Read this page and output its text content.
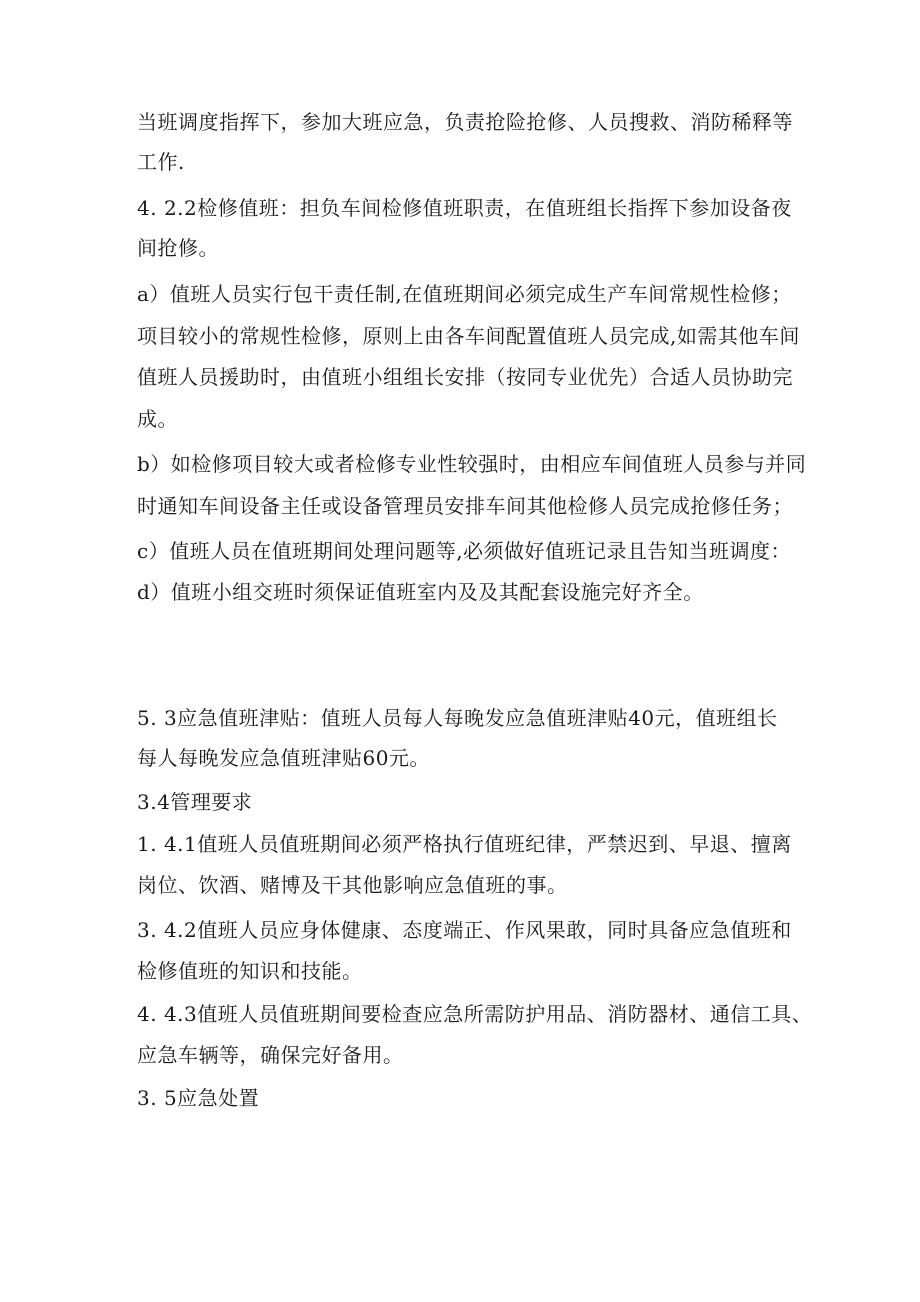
当班调度指挥下，参加大班应急，负责抢险抢修、人员搜救、消防稀释等
工作.
4. 2.2检修值班：担负车间检修值班职责，在值班组长指挥下参加设备夜
间抢修。
a）值班人员实行包干责任制,在值班期间必须完成生产车间常规性检修；
项目较小的常规性检修，原则上由各车间配置值班人员完成,如需其他车间
值班人员援助时，由值班小组组长安排（按同专业优先）合适人员协助完
成。
b）如检修项目较大或者检修专业性较强时，由相应车间值班人员参与并同
时通知车间设备主任或设备管理员安排车间其他检修人员完成抢修任务；
c）值班人员在值班期间处理问题等,必须做好值班记录且告知当班调度：
d）值班小组交班时须保证值班室内及及其配套设施完好齐全。
5. 3应急值班津贴：值班人员每人每晚发应急值班津贴40元，值班组长
每人每晚发应急值班津贴60元。
3.4管理要求
1. 4.1值班人员值班期间必须严格执行值班纪律，严禁迟到、早退、擅离
岗位、饮酒、赌博及干其他影响应急值班的事。
3. 4.2值班人员应身体健康、态度端正、作风果敢，同时具备应急值班和
检修值班的知识和技能。
4. 4.3值班人员值班期间要检查应急所需防护用品、消防器材、通信工具、
应急车辆等，确保完好备用。
3. 5应急处置
